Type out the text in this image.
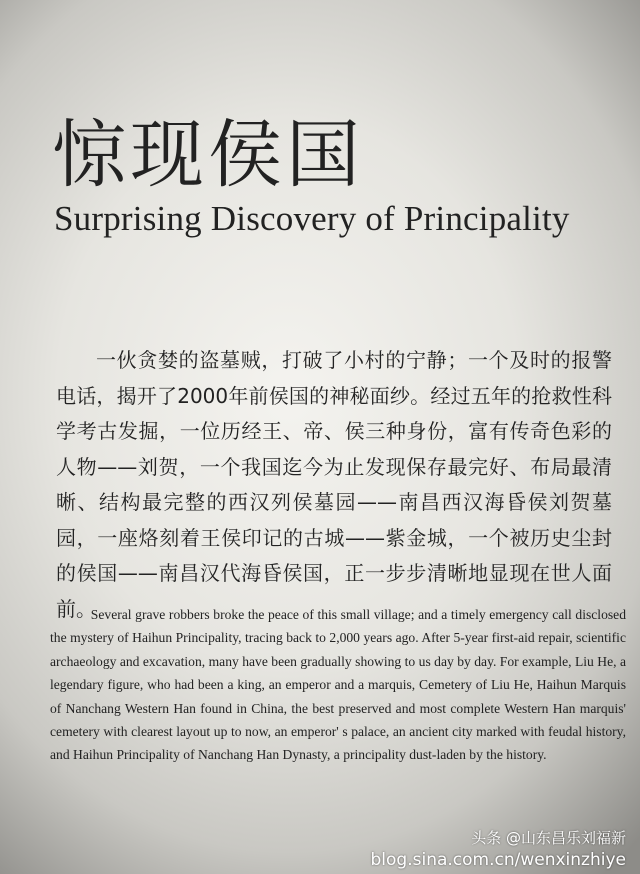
惊现侯国
Surprising Discovery of Principality

一伙贪婪的盗墓贼，打破了小村的宁静；一个及时的报警电话，揭开了2000年前侯国的神秘面纱。经过五年的抢救性科学考古发掘，一位历经王、帝、侯三种身份，富有传奇色彩的人物——刘贺，一个我国迄今为止发现保存最完好、布局最清晰、结构最完整的西汉列侯墓园——南昌西汉海昏侯刘贺墓园，一座烙刻着王侯印记的古城——紫金城，一个被历史尘封的侯国——南昌汉代海昏侯国，正一步步清晰地显现在世人面前。

Several grave robbers broke the peace of this small village; and a timely emergency call disclosed the mystery of Haihun Principality, tracing back to 2,000 years ago. After 5-year first-aid repair, scientific archaeology and excavation, many have been gradually showing to us day by day. For example, Liu He, a legendary figure, who had been a king, an emperor and a marquis, Cemetery of Liu He, Haihun Marquis of Nanchang Western Han found in China, the best preserved and most complete Western Han marquis' cemetery with clearest layout up to now, an emperor' s palace, an ancient city marked with feudal history, and Haihun Principality of Nanchang Han Dynasty, a principality dust-laden by the history.

头条 @山东昌乐刘福新
blog.sina.com.cn/wenxinzhiye
